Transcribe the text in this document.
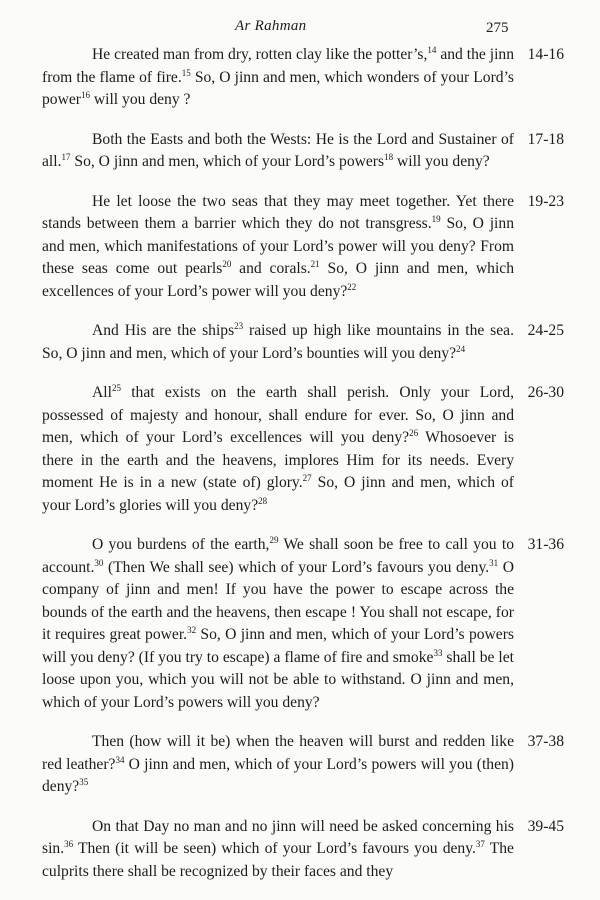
Ar Rahman	275
He created man from dry, rotten clay like the potter’s,$^{14}$ and the jinn from the flame of fire.$^{15}$ So, O jinn and men, which wonders of your Lord’s power$^{16}$ will you deny ?
14-16
Both the Easts and both the Wests: He is the Lord and Sustainer of all.$^{17}$ So, O jinn and men, which of your Lord’s powers$^{18}$ will you deny?
17-18
He let loose the two seas that they may meet together. Yet there stands between them a barrier which they do not transgress.$^{19}$ So, O jinn and men, which manifestations of your Lord’s power will you deny? From these seas come out pearls$^{20}$ and corals.$^{21}$ So, O jinn and men, which excellences of your Lord’s power will you deny?$^{22}$
19-23
And His are the ships$^{23}$ raised up high like mountains in the sea. So, O jinn and men, which of your Lord’s bounties will you deny?$^{24}$
24-25
All$^{25}$ that exists on the earth shall perish. Only your Lord, possessed of majesty and honour, shall endure for ever. So, O jinn and men, which of your Lord’s excellences will you deny?$^{26}$ Whosoever is there in the earth and the heavens, implores Him for its needs. Every moment He is in a new (state of) glory.$^{27}$ So, O jinn and men, which of your Lord’s glories will you deny?$^{28}$
26-30
O you burdens of the earth,$^{29}$ We shall soon be free to call you to account.$^{30}$ (Then We shall see) which of your Lord’s favours you deny.$^{31}$ O company of jinn and men! If you have the power to escape across the bounds of the earth and the heavens, then escape ! You shall not escape, for it requires great power.$^{32}$ So, O jinn and men, which of your Lord’s powers will you deny? (If you try to escape) a flame of fire and smoke$^{33}$ shall be let loose upon you, which you will not be able to withstand. O jinn and men, which of your Lord’s powers will you deny?
31-36
Then (how will it be) when the heaven will burst and redden like red leather?$^{34}$ O jinn and men, which of your Lord’s powers will you (then) deny?$^{35}$
37-38
On that Day no man and no jinn will need be asked concerning his sin.$^{36}$ Then (it will be seen) which of your Lord’s favours you deny.$^{37}$ The culprits there shall be recognized by their faces and they
39-45
